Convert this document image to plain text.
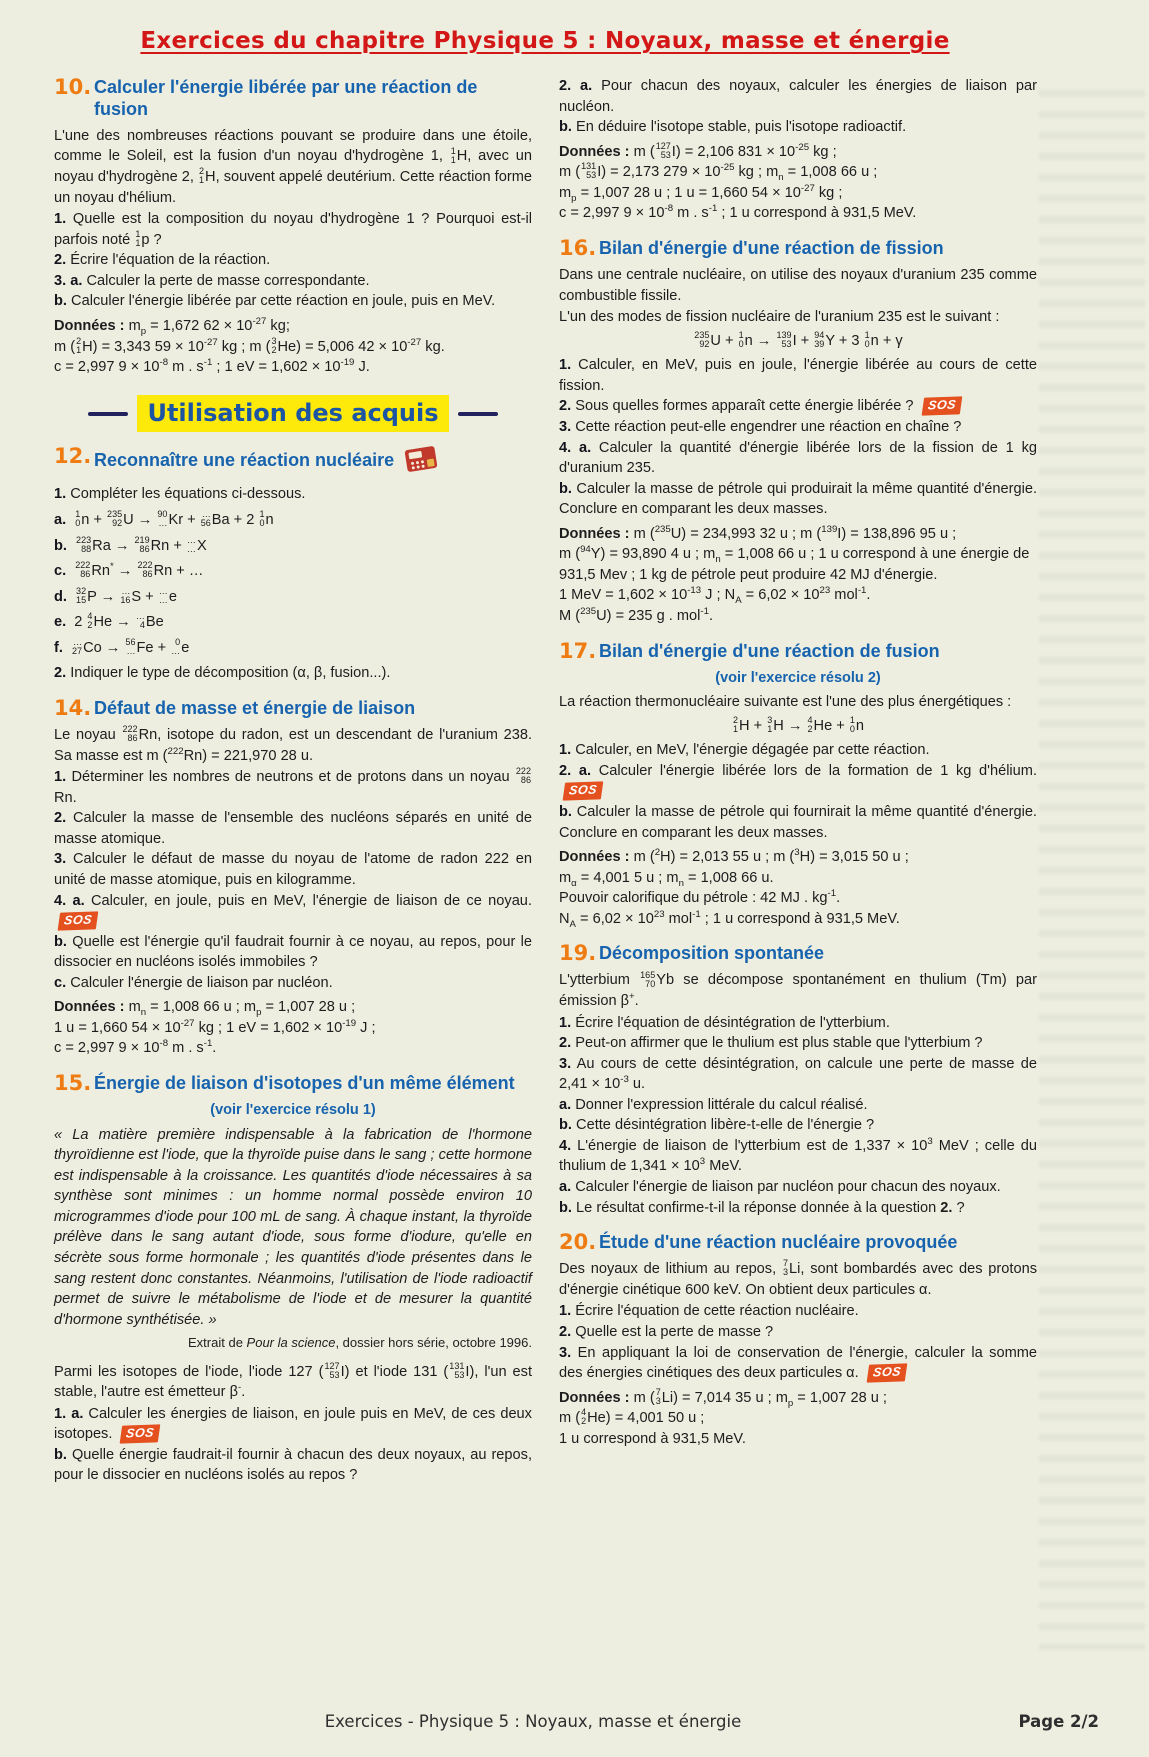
Exercices du chapitre Physique 5 : Noyaux, masse et énergie
10. Calculer l'énergie libérée par une réaction de fusion

L'une des nombreuses réactions pouvant se produire dans une étoile, comme le Soleil, est la fusion d'un noyau d'hydrogène 1, 1
1 H, avec un noyau d'hydrogène 2, 2
1 H, souvent appelé deutérium. Cette réaction forme un noyau d'hélium.

1. Quelle est la composition du noyau d'hydrogène 1 ? Pourquoi est-il parfois noté 1
1 p ?

2. Écrire l'équation de la réaction.

3. a. Calculer la perte de masse correspondante.

b. Calculer l'énergie libérée par cette réaction en joule, puis en MeV.

Données : $m_p = 1,672$ $62 \times 10^{-27}$ kg;
m ( 2
1 H) = 3,343 $59 \times 10^{-27}$ kg ; m ( 3
2 He) = 5,006 $42 \times 10^{-27}$ kg.
c = 2,997 $9 \times 10^{-8}$ m . $s^{-1}$ ; 1 eV = $1,602 \times 10^{-19}$ J.

Utilisation des acquis
12. Reconnaître une réaction nucléaire

1. Compléter les équations ci-dessous.

a. 1
0 n + 235
92 U → 90
… Kr + …
56 Ba + 2 1
0 n

b. 223
88 Ra → 219
86 Rn + …
… X

c. 222
86 Rn* → 222
86 Rn + …

d. 32
15 P → …
16 S + …
… e

e. 2 4
2 He → …
4 Be

f. …
27 Co → 56
… Fe + 0
… e

2. Indiquer le type de décomposition (α, β, fusion...).

14. Défaut de masse et énergie de liaison

Le noyau 222
86 Rn, isotope du radon, est un descendant de l'uranium 238. Sa masse est m ($^{222}$Rn) = 221,970 28 u.

1. Déterminer les nombres de neutrons et de protons dans un noyau 222
86
Rn.

2. Calculer la masse de l'ensemble des nucléons séparés en unité de masse atomique.

3. Calculer le défaut de masse du noyau de l'atome de radon 222 en unité de masse atomique, puis en kilogramme.

4. a. Calculer, en joule, puis en MeV, l'énergie de liaison de ce noyau. SOS

b. Quelle est l'énergie qu'il faudrait fournir à ce noyau, au repos, pour le dissocier en nucléons isolés immobiles ?

c. Calculer l'énergie de liaison par nucléon.

Données : $m_n = 1,008$ 66 u ; $m_p = 1,007$ 28 u ;
1 u = 1,660 $54 \times 10^{-27}$ kg ; 1 eV = $1,602 \times 10^{-19}$ J ;
c = 2,997 $9 \times 10^{-8}$ m . $s^{-1}$.

15. Énergie de liaison d'isotopes d'un même élément
(voir l'exercice résolu 1)

« La matière première indispensable à la fabrication de l'hormone thyroïdienne est l'iode, que la thyroïde puise dans le sang ; cette hormone est indispensable à la croissance. Les quantités d'iode nécessaires à sa synthèse sont minimes : un homme normal possède environ 10 microgrammes d'iode pour 100 mL de sang. À chaque instant, la thyroïde prélève dans le sang autant d'iode, sous forme d'iodure, qu'elle en sécrète sous forme hormonale ; les quantités d'iode présentes dans le sang restent donc constantes. Néanmoins, l'utilisation de l'iode radioactif permet de suivre le métabolisme de l'iode et de mesurer la quantité d'hormone synthétisée. »

Extrait de Pour la science, dossier hors série, octobre 1996.

Parmi les isotopes de l'iode, l'iode 127 ( 127
53 I) et l'iode 131 ( 131
53 I), l'un est stable, l'autre est émetteur β-.

1. a. Calculer les énergies de liaison, en joule puis en MeV, de ces deux isotopes. SOS

b. Quelle énergie faudrait-il fournir à chacun des deux noyaux, au repos, pour le dissocier en nucléons isolés au repos ?

2. a. Pour chacun des noyaux, calculer les énergies de liaison par nucléon.

b. En déduire l'isotope stable, puis l'isotope radioactif.

Données : m ( 127
53 I) = 2,106 $831 \times 10^{-25}$ kg ;
m ( 131
53 I) = 2,173 $279 \times 10^{-25}$ kg ; $m_n = 1,008$ 66 u ;
$m_p = 1,007$ 28 u ; 1 u = 1,660 $54 \times 10^{-27}$ kg ;
c = 2,997 $9 \times 10^{-8}$ m . $s^{-1}$ ; 1 u correspond à 931,5 MeV.

16. Bilan d'énergie d'une réaction de fission

Dans une centrale nucléaire, on utilise des noyaux d'uranium 235 comme combustible fissile.

L'un des modes de fission nucléaire de l'uranium 235 est le suivant :

235
92 U + 1
0 n → 139
53 I + 94
39 Y + 3 1
0 n + γ

1. Calculer, en MeV, puis en joule, l'énergie libérée au cours de cette fission.

2. Sous quelles formes apparaît cette énergie libérée ? SOS

3. Cette réaction peut-elle engendrer une réaction en chaîne ?

4. a. Calculer la quantité d'énergie libérée lors de la fission de 1 kg d'uranium 235.

b. Calculer la masse de pétrole qui produirait la même quantité d'énergie. Conclure en comparant les deux masses.

Données : m ($^{235}$U) = 234,993 32 u ; m ($^{139}$I) = 138,896 95 u ;
m ($^{94}$Y) = 93,890 4 u ; $m_n = 1,008$ 66 u ; 1 u correspond à une énergie de 931,5 Mev ; 1 kg de pétrole peut produire 42 MJ d'énergie.
1 MeV = $1,602 \times 10^{-13}$ J ; $N_A = 6,02 \times 10^{23}$ mol$^{-1}$.
M ($^{235}$U) = 235 g . mol$^{-1}$.

17. Bilan d'énergie d'une réaction de fusion
(voir l'exercice résolu 2)

La réaction thermonucléaire suivante est l'une des plus énergétiques :

2
1 H + 3
1 H → 4
2 He + 1
0 n

1. Calculer, en MeV, l'énergie dégagée par cette réaction.

2. a. Calculer l'énergie libérée lors de la formation de 1 kg d'hélium. SOS

b. Calculer la masse de pétrole qui fournirait la même quantité d'énergie. Conclure en comparant les deux masses.

Données : m ($^2$H) = 2,013 55 u ; m ($^3$H) = 3,015 50 u ;
$m_\alpha = 4,001$ 5 u ; $m_n = 1,008$ 66 u.
Pouvoir calorifique du pétrole : 42 MJ . $kg^{-1}$.
$N_A = 6,02 \times 10^{23}$ mol$^{-1}$ ; 1 u correspond à 931,5 MeV.

19. Décomposition spontanée

L'ytterbium 165
70 Yb se décompose spontanément en thulium (Tm) par émission β+.

1. Écrire l'équation de désintégration de l'ytterbium.

2. Peut-on affirmer que le thulium est plus stable que l'ytterbium ?

3. Au cours de cette désintégration, on calcule une perte de masse de $2,41 \times 10^{-3}$ u.

a. Donner l'expression littérale du calcul réalisé.

b. Cette désintégration libère-t-elle de l'énergie ?

4. L'énergie de liaison de l'ytterbium est de $1,337 \times 10^3$ MeV ; celle du thulium de $1,341 \times 10^3$ MeV.

a. Calculer l'énergie de liaison par nucléon pour chacun des noyaux.

b. Le résultat confirme-t-il la réponse donnée à la question 2. ?

20. Étude d'une réaction nucléaire provoquée

Des noyaux de lithium au repos, 7
3 Li, sont bombardés avec des protons d'énergie cinétique 600 keV. On obtient deux particules α.

1. Écrire l'équation de cette réaction nucléaire.

2. Quelle est la perte de masse ?

3. En appliquant la loi de conservation de l'énergie, calculer la somme des énergies cinétiques des deux particules α. SOS

Données : m ( 7
3 Li) = 7,014 35 u ; $m_p = 1,007$ 28 u ;
m ( 4
2 He) = 4,001 50 u ;
1 u correspond à 931,5 MeV.

Exercices - Physique 5 : Noyaux, masse et énergie	Page 2/2
